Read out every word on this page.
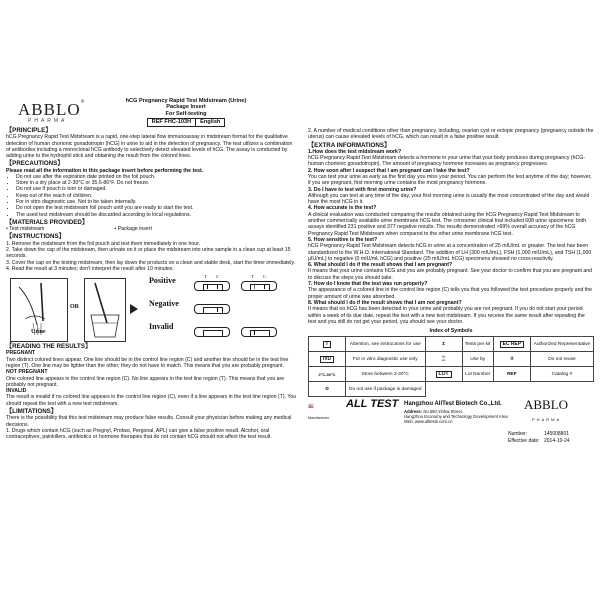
ABBLO®
PHARMA
hCG Pregnancy Rapid Test Midstream (Urine)
Package Insert
For Self-testing
REF FHC-103H English
【PRINCIPLE】

hCG Pregnancy Rapid Test Midstream is a rapid, one-step lateral flow immunoassay in midstream format for the qualitative detection of human chorionic gonadotropin (hCG) in urine to aid in the detection of pregnancy. The test utilizes a combination of antibodies including a monoclonal hCG antibody to selectively detect elevated levels of hCG. The assay is conducted by adding urine to the hydrophil stick and obtaining the result from the colored lines.

【PRECAUTIONS】

Please read all the information in this package insert before performing the test.

• Do not use after the expiration date printed on the foil pouch.
• Store in a dry place at 2-30°C or 35.6-86°F. Do not freeze.
• Do not use if pouch is torn or damaged.
• Keep out of the reach of children.
• For in vitro diagnostic use. Not to be taken internally.
• Do not open the test midstream foil pouch until you are ready to start the test.
• The used test midstream should be discarded according to local regulations.
【MATERIALS PROVIDED】

• Test midstream	• Package insert

【INSTRUCTIONS】

1. Remove the midstream from the foil pouch and test them immediately in one hour.

2. Take down the cap of the midstream, then urinate on it or place the midstream into urine sample in a clean cup at least 15 seconds.

3. Cover the cap on the testing midstream, then lay down the products on a clean and stable desk, start the timer immediately.

4. Read the result at 3 minutes; don't interpret the result after 10 minutes.

Urine
OR
Positive
Negative
Invalid
T C	T C
【READING THE RESULTS】

PREGNANT

Two distinct colored lines appear. One line should be in the control line region (C) and another line should be in the test line region (T). One line may be lighter than the other; they do not have to match. This means that you are probably pregnant.

NOT PREGNANT

One colored line appears in the control line region (C). No line appears in the test line region (T). This means that you are probably not pregnant.

INVALID

The result is invalid if no colored line appears in the control line region (C), even if a line appears in the test line region (T). You should repeat the test with a new test midstream.

【LIMITATIONS】

There is the possibility that this test midstream may produce false results. Consult your physician before making any medical decisions.

1. Drugs which contain hCG (such as Pregnyl, Profasi, Pergonal, APL) can give a false positive result. Alcohol, oral contraceptives, painkillers, antibiotics or hormone therapies that do not contain hCG should not affect the test result.

2. A number of medical conditions other than pregnancy, including, ovarian cyst or ectopic pregnancy (pregnancy outside the uterus) can cause elevated levels of hCG, which can result in a false positive result.

【EXTRA INFORMATIONS】

1.How does the test midstream work?

hCG Pregnancy Rapid Test Midstream detects a hormone in your urine that your body produces during pregnancy (hCG-human chorionic gonadotropin). The amount of pregnancy hormone increases as pregnancy progresses.

2. How soon after I suspect that I am pregnant can I take the test?

You can test your urine as early as the first day you miss your period. You can perform the test anytime of the day; however, if you are pregnant, first morning urine contains the most pregnancy hormone.

3. Do I have to test with first morning urine?

Although you can test at any time of the day, your first morning urine is usually the most concentrated of the day and would have the most hCG in it.

4. How accurate is the test?

A clinical evaluation was conducted comparing the results obtained using the hCG Pregnancy Rapid Test Midstream to another commercially available urine membrane hCG test. The consumer clinical trial included 608 urine specimens: both assays identified 231 positive and 377 negative results. The results demonstrated >99% overall accuracy of the hCG Pregnancy Rapid Test Midstream when compared to the other urine membrane hCG test.

5. How sensitive is the test?

hCG Pregnancy Rapid Test Midstream detects hCG in urine at a concentration of 25 mIU/mL or greater. The test has been standardized to the W.H.O. International Standard. The addition of LH (300 mIU/mL), FSH (1,000 mIU/mL), and TSH (1,000 μIU/mL) to negative (0 mIU/mL hCG) and positive (25 mIU/mL hCG) specimens showed no cross-reactivity.

6. What should I do if the result shows that I am pregnant?

It means that your urine contains hCG and you are probably pregnant. See your doctor to confirm that you are pregnant and to discuss the steps you should take.

7. How do I know that the test was run properly?

The appearance of a colored line in the control line region (C) tells you that you followed the test procedure properly and the proper amount of urine was absorbed.

8. What should I do if the result shows that I am not pregnant?

It means that no hCG has been detected in your urine and probably you are not pregnant. If you do not start your period within a week of its due date, repeat the test with a new test midstream. If you receive the same result after repeating the test and you still do not get your period, you should see your doctor.

Index of Symbols
i	Attention, see instructions for use	Σ	Tests per kit	EC REP	Authorized Representative
IVD	For in vitro diagnostic use only	⌛	Use by	②	Do not reuse
2°C-30°C	Store between 2-30°C	LOT	Lot Number	REF	Catalog #
⊘	Do not use if package is damaged				
🏭
Manufacturer
ALL TEST Hangzhou AllTest Biotech Co.,Ltd.
Address: No.550,Yinhai Street,
Hangzhou Economy and Technology Development Area
Web: www.alltests.com.cn
ABBLO
PHARMA
Number:	145008801
Effective date: 2014-10-24
